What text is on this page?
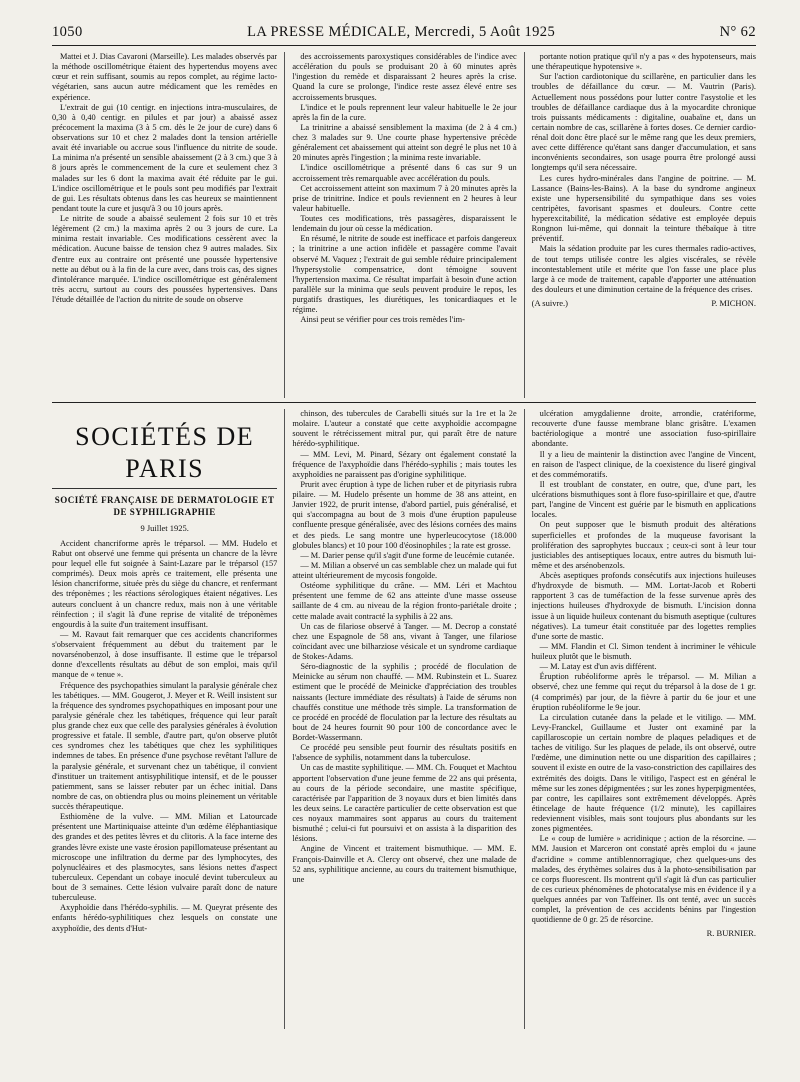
1050	LA PRESSE MÉDICALE, Mercredi, 5 Août 1925	N° 62

Mattei et J. Dias Cavaroni (Marseille). Les malades observés par la méthode oscillométrique étaient des hypertendus moyens avec cœur et rein suffisant, soumis au repos complet, au régime lacto-végétarien, sans aucun autre médicament que les remèdes en expérience.

L'extrait de gui (10 centigr. en injections intra-musculaires, de 0,30 à 0,40 centigr. en pilules et par jour) a abaissé assez précocement la maxima (3 à 5 cm. dès le 2e jour de cure) dans 6 observations sur 10 et chez 2 malades dont la tension artérielle avait été invariable ou accrue sous l'influence du nitrite de soude. La minima n'a présenté un sensible abaissement (2 à 3 cm.) que 3 à 8 jours après le commencement de la cure et seulement chez 3 malades sur les 6 dont la maxima avait été réduite par le gui. L'indice oscillométrique et le pouls sont peu modifiés par l'extrait de gui. Les résultats obtenus dans les cas heureux se maintiennent pendant toute la cure et jusqu'à 3 ou 10 jours après.

Le nitrite de soude a abaissé seulement 2 fois sur 10 et très légèrement (2 cm.) la maxima après 2 ou 3 jours de cure. La minima restait invariable. Ces modifications cessèrent avec la médication. Aucune baisse de tension chez 9 autres malades. Six d'entre eux au contraire ont présenté une poussée hypertensive nette au début ou à la fin de la cure avec, dans trois cas, des signes d'intolérance marquée. L'indice oscillométrique est généralement très accru, surtout au cours des poussées hypertensives. Dans l'étude détaillée de l'action du nitrite de soude on observe

des accroissements paroxystiques considérables de l'indice avec accélération du pouls se produisant 20 à 60 minutes après l'ingestion du remède et disparaissant 2 heures après la crise. Quand la cure se prolonge, l'indice reste assez élevé entre ses accroissements brusques.

L'indice et le pouls reprennent leur valeur habituelle le 2e jour après la fin de la cure.

La trinitrine a abaissé sensiblement la maxima (de 2 à 4 cm.) chez 3 malades sur 9. Une courte phase hypertensive précède généralement cet abaissement qui atteint son degré le plus net 10 à 20 minutes après l'ingestion ; la minima reste invariable.

L'indice oscillométrique a présenté dans 6 cas sur 9 un accroissement très remarquable avec accélération du pouls.

Cet accroissement atteint son maximum 7 à 20 minutes après la prise de trinitrine. Indice et pouls reviennent en 2 heures à leur valeur habituelle.

Toutes ces modifications, très passagères, disparaissent le lendemain du jour où cesse la médication.

En résumé, le nitrite de soude est inefficace et parfois dangereux ; la trinitrine a une action infidèle et passagère comme l'avait observé M. Vaquez ; l'extrait de gui semble réduire principalement l'hypersystolie compensatrice, dont témoigne souvent l'hypertension maxima. Ce résultat imparfait à besoin d'une action parallèle sur la minima que seuls peuvent produire le repos, les purgatifs drastiques, les diurétiques, les tonicardiaques et le régime.

Ainsi peut se vérifier pour ces trois remèdes l'im-

portante notion pratique qu'il n'y a pas « des hypotenseurs, mais une thérapeutique hypotensive ».

Sur l'action cardiotonique du scillarène, en particulier dans les troubles de défaillance du cœur. — M. Vautrin (Paris). Actuellement nous possédons pour lutter contre l'asystolie et les troubles de défaillance cardiaque dus à la myocardite chronique trois puissants médicaments : digitaline, ouabaïne et, dans un certain nombre de cas, scillarène à fortes doses. Ce dernier cardio-rénal doit donc être placé sur le même rang que les deux premiers, avec cette différence qu'étant sans danger d'accumulation, et sans inconvénients secondaires, son usage pourra être prolongé aussi longtemps qu'il sera nécessaire.

Les cures hydro-minérales dans l'angine de poitrine. — M. Lassance (Bains-les-Bains). A la base du syndrome angineux existe une hypersensibilité du sympathique dans ses voies centripètes, favorisant spasmes et douleurs. Contre cette hyperexcitabilité, la médication sédative est employée depuis Rongnon lui-même, qui donnait la teinture thébaïque à titre préventif.

Mais la sédation produite par les cures thermales radio-actives, de tout temps utilisée contre les algies viscérales, se révèle incontestablement utile et mérite que l'on fasse une place plus large à ce mode de traitement, capable d'apporter une atténuation des douleurs et une diminution certaine de la fréquence des crises.

(A suivre.)	P. MICHON.
SOCIÉTÉS DE PARIS
SOCIÉTÉ FRANÇAISE DE DERMATOLOGIE ET DE SYPHILIGRAPHIE
9 Juillet 1925.

Accident chancriforme après le tréparsol. — MM. Hudelo et Rabut ont observé une femme qui présenta un chancre de la lèvre pour lequel elle fut soignée à Saint-Lazare par le tréparsol (157 comprimés). Deux mois après ce traitement, elle présenta une lésion chancriforme, située près du siège du chancre, et renfermant des tréponèmes ; les réactions sérologiques étaient négatives. Les auteurs concluent à un chancre redux, mais non à une véritable réinfection ; il s'agit là d'une reprise de vitalité de tréponèmes engourdis à la suite d'un traitement insuffisant.

— M. Ravaut fait remarquer que ces accidents chancriformes s'observaient fréquemment au début du traitement par le novarsénobenzol, à dose insuffisante. Il estime que le tréparsol donne d'excellents résultats au début de son emploi, mais qu'il manque de « tenue ».

Fréquence des psychopathies simulant la paralysie générale chez les tabétiques. — MM. Gougerot, J. Meyer et R. Weill insistent sur la fréquence des syndromes psychopathiques en imposant pour une paralysie générale chez les tabétiques, fréquence qui leur paraît plus grande chez eux que celle des paralysies générales à évolution progressive et fatale. Il semble, d'autre part, qu'on observe plutôt ces syndromes chez les tabétiques que chez les syphilitiques indemnes de tabes. En présence d'une psychose revêtant l'allure de la paralysie générale, et survenant chez un tabétique, il convient d'instituer un traitement antisyphilitique intensif, et de le pousser patiemment, sans se laisser rebuter par un échec initial. Dans nombre de cas, on obtiendra plus ou moins pleinement un véritable succès thérapeutique.

Esthiomène de la vulve. — MM. Milian et Latourcade présentent une Martiniquaise atteinte d'un œdème éléphantiasique des grandes et des petites lèvres et du clitoris. A la face interne des grandes lèvre existe une vaste érosion papillomateuse présentant au microscope une infiltration du derme par des lymphocytes, des polynucléaires et des plasmocytes, sans lésions nettes d'aspect tuberculeux. Cependant un cobaye inoculé devint tuberculeux au bout de 3 semaines. Cette lésion vulvaire paraît donc de nature tuberculeuse.

Axyphoïdie dans l'hérédo-syphilis. — M. Queyrat présente des enfants hérédo-syphilitiques chez lesquels on constate une axyphoïdie, des dents d'Hut-

chinson, des tubercules de Carabelli situés sur la 1re et la 2e molaire. L'auteur a constaté que cette axyphoïdie accompagne souvent le rétrécissement mitral pur, qui paraît être de nature hérédo-syphilitique.

— MM. Levi, M. Pinard, Sézary ont également constaté la fréquence de l'axyphoïdie dans l'hérédo-syphilis ; mais toutes les axyphoïdies ne paraissent pas d'origine syphilitique.

Prurit avec éruption à type de lichen ruber et de pityriasis rubra pilaire. — M. Hudelo présente un homme de 38 ans atteint, en Janvier 1922, de prurit intense, d'abord partiel, puis généralisé, et qui s'accompagna au bout de 3 mois d'une éruption papuleuse confluente presque généralisée, avec des lésions cornées des mains et des pieds. Le sang montre une hyperleucocytose (18.000 globules blancs) et 10 pour 100 d'éosinophiles ; la rate est grosse.

— M. Darier pense qu'il s'agit d'une forme de leucémie cutanée.

— M. Milian a observé un cas semblable chez un malade qui fut atteint ultérieurement de mycosis fongoïde.

Ostéome syphilitique du crâne. — MM. Léri et Machtou présentent une femme de 62 ans atteinte d'une masse osseuse saillante de 4 cm. au niveau de la région fronto-pariétale droite ; cette malade avait contracté la syphilis à 22 ans.

Un cas de filariose observé à Tanger. — M. Decrop a constaté chez une Espagnole de 58 ans, vivant à Tanger, une filariose coïncidant avec une bilharziose vésicale et un syndrome cardiaque de Stokes-Adams.

Séro-diagnostic de la syphilis ; procédé de floculation de Meinicke au sérum non chauffé. — MM. Rubinstein et L. Suarez estiment que le procédé de Meinicke d'appréciation des troubles naissants (lecture immédiate des résultats) à l'aide de sérums non chauffés constitue une méthode très simple. La transformation de ce procédé en procédé de floculation par la lecture des résultats au bout de 24 heures fournit 90 pour 100 de concordance avec le Bordet-Wassermann.

Ce procédé peu sensible peut fournir des résultats positifs en l'absence de syphilis, notamment dans la tuberculose.

Un cas de mastite syphilitique. — MM. Ch. Fouquet et Machtou apportent l'observation d'une jeune femme de 22 ans qui présenta, au cours de la période secondaire, une mastite spécifique, caractérisée par l'apparition de 3 noyaux durs et bien limités dans les deux seins. Le caractère particulier de cette observation est que ces noyaux mammaires sont apparus au cours du traitement bismuthé ; celui-ci fut poursuivi et on assista à la disparition des lésions.

Angine de Vincent et traitement bismuthique. — MM. E. François-Dainville et A. Clercy ont observé, chez une malade de 52 ans, syphilitique ancienne, au cours du traitement bismuthique, une

ulcération amygdalienne droite, arrondie, cratériforme, recouverte d'une fausse membrane blanc grisâtre. L'examen bactériologique a montré une association fuso-spirillaire abondante.

Il y a lieu de maintenir la distinction avec l'angine de Vincent, en raison de l'aspect clinique, de la coexistence du liseré gingival et des commémoratifs.

Il est troublant de constater, en outre, que, d'une part, les ulcérations bismuthiques sont à flore fuso-spirillaire et que, d'autre part, l'angine de Vincent est guérie par le bismuth en applications locales.

On peut supposer que le bismuth produit des altérations superficielles et profondes de la muqueuse favorisant la prolifération des saprophytes buccaux ; ceux-ci sont à leur tour justiciables des antiseptiques locaux, entre autres du bismuth lui-même et des arsénobenzols.

Abcès aseptiques profonds consécutifs aux injections huileuses d'hydroxyde de bismuth. — MM. Lortat-Jacob et Roberti rapportent 3 cas de tuméfaction de la fesse survenue après des injections huileuses d'hydroxyde de bismuth. L'incision donna issue à un liquide huileux contenant du bismuth aseptique (cultures négatives). La tumeur était constituée par des logettes remplies d'une sorte de mastic.

— MM. Flandin et Cl. Simon tendent à incriminer le véhicule huileux plutôt que le bismuth.

— M. Latay est d'un avis différent.

Éruption rubéoliforme après le tréparsol. — M. Milian a observé, chez une femme qui reçut du tréparsol à la dose de 1 gr. (4 comprimés) par jour, de la fièvre à partir du 6e jour et une éruption rubéoliforme le 9e jour.

La circulation cutanée dans la pelade et le vitiligo. — MM. Levy-Franckel, Guillaume et Juster ont examiné par la capillaroscopie un certain nombre de plaques peladiques et de taches de vitiligo. Sur les plaques de pelade, ils ont observé, outre l'œdème, une diminution nette ou une disparition des capillaires ; souvent il existe en outre de la vaso-constriction des capillaires des extrémités des doigts. Dans le vitiligo, l'aspect est en général le même sur les zones dépigmentées ; sur les zones hyperpigmentées, par contre, les capillaires sont extrêmement développés. Après étincelage de haute fréquence (1/2 minute), les capillaires redeviennent visibles, mais sont toujours plus abondants sur les zones pigmentées.

Le « coup de lumière » acridinique ; action de la résorcine. — MM. Jausion et Marceron ont constaté après emploi du « jaune d'acridine » comme antiblennorragique, chez quelques-uns des malades, des érythèmes solaires dus à la photo-sensibilisation par ce corps fluorescent. Ils montrent qu'il s'agit là d'un cas particulier de ces curieux phénomènes de photocatalyse mis en évidence il y a quelques années par von Taffeiner. Ils ont tenté, avec un succès complet, la prévention de ces accidents bénins par l'ingestion quotidienne de 0 gr. 25 de résorcine.

R. BURNIER.
